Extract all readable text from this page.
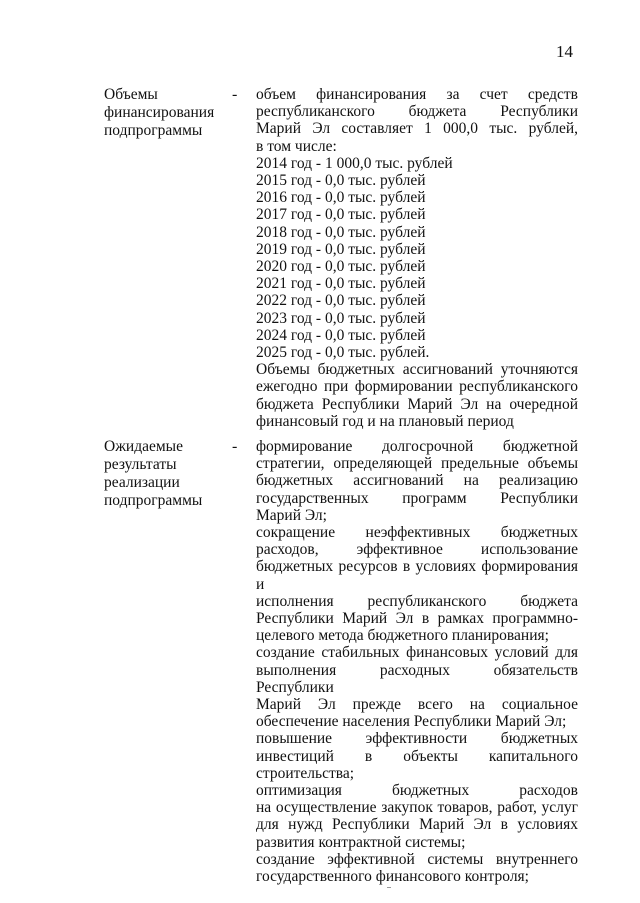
14
Объемы
финансирования
подпрограммы
- объем финансирования за счет средств
республиканского бюджета Республики
Марий Эл составляет 1 000,0 тыс. рублей,
в том числе:
2014 год - 1 000,0 тыс. рублей
2015 год - 0,0 тыс. рублей
2016 год - 0,0 тыс. рублей
2017 год - 0,0 тыс. рублей
2018 год - 0,0 тыс. рублей
2019 год - 0,0 тыс. рублей
2020 год - 0,0 тыс. рублей
2021 год - 0,0 тыс. рублей
2022 год - 0,0 тыс. рублей
2023 год - 0,0 тыс. рублей
2024 год - 0,0 тыс. рублей
2025 год - 0,0 тыс. рублей.
Объемы бюджетных ассигнований уточняются
ежегодно при формировании республиканского
бюджета Республики Марий Эл на очередной
финансовый год и на плановый период
Ожидаемые
результаты
реализации
подпрограммы
- формирование долгосрочной бюджетной
стратегии, определяющей предельные объемы
бюджетных ассигнований на реализацию
государственных программ Республики
Марий Эл;
сокращение неэффективных бюджетных
расходов, эффективное использование
бюджетных ресурсов в условиях формирования и
исполнения республиканского бюджета
Республики Марий Эл в рамках программно-
целевого метода бюджетного планирования;
создание стабильных финансовых условий для
выполнения расходных обязательств Республики
Марий Эл прежде всего на социальное
обеспечение населения Республики Марий Эл;
повышение эффективности бюджетных
инвестиций в объекты капитального
строительства;
оптимизация бюджетных расходов
на осуществление закупок товаров, работ, услуг
для нужд Республики Марий Эл в условиях
развития контрактной системы;
создание эффективной системы внутреннего
государственного финансового контроля;
